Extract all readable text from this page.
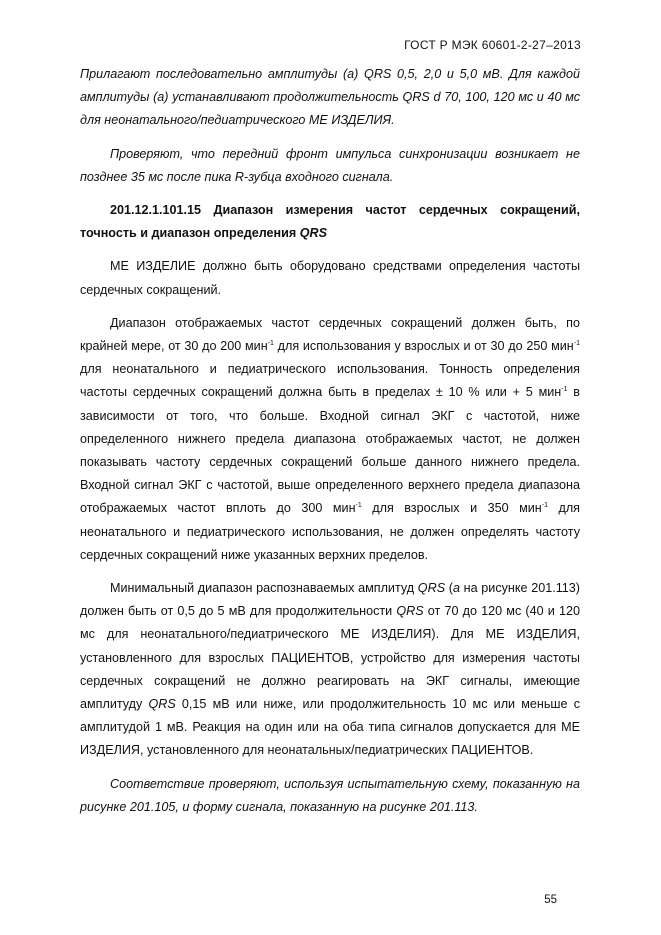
ГОСТ Р МЭК 60601-2-27–2013

Прилагают последовательно амплитуды (а) QRS 0,5, 2,0 и 5,0 мВ. Для каждой амплитуды (а) устанавливают продолжительность QRS d 70, 100, 120 мс и 40 мс для неонатального/педиатрического МЕ ИЗДЕЛИЯ.

Проверяют, что передний фронт импульса синхронизации возникает не позднее 35 мс после пика R-зубца входного сигнала.

201.12.1.101.15 Диапазон измерения частот сердечных сокращений, точность и диапазон определения QRS

МЕ ИЗДЕЛИЕ должно быть оборудовано средствами определения частоты сердечных сокращений.

Диапазон отображаемых частот сердечных сокращений должен быть, по крайней мере, от 30 до 200 мин$^{-1}$ для использования у взрослых и от 30 до 250 мин$^{-1}$ для неонатального и педиатрического использования. Тонность определения частоты сердечных сокращений должна быть в пределах ± 10 % или + 5 мин$^{-1}$ в зависимости от того, что больше. Входной сигнал ЭКГ с частотой, ниже определенного нижнего предела диапазона отображаемых частот, не должен показывать частоту сердечных сокращений больше данного нижнего предела. Входной сигнал ЭКГ с частотой, выше определенного верхнего предела диапазона отображаемых частот вплоть до 300 мин$^{-1}$ для взрослых и 350 мин$^{-1}$ для неонатального и педиатрического использования, не должен определять частоту сердечных сокращений ниже указанных верхних пределов.

Минимальный диапазон распознаваемых амплитуд QRS (а на рисунке 201.113) должен быть от 0,5 до 5 мВ для продолжительности QRS от 70 до 120 мс (40 и 120 мс для неонатального/педиатрического МЕ ИЗДЕЛИЯ). Для МЕ ИЗДЕЛИЯ, установленного для взрослых ПАЦИЕНТОВ, устройство для измерения частоты сердечных сокращений не должно реагировать на ЭКГ сигналы, имеющие амплитуду QRS 0,15 мВ или ниже, или продолжительность 10 мс или меньше с амплитудой 1 мВ. Реакция на один или на оба типа сигналов допускается для МЕ ИЗДЕЛИЯ, установленного для неонатальных/педиатрических ПАЦИЕНТОВ.

Соответствие проверяют, используя испытательную схему, показанную на рисунке 201.105, и форму сигнала, показанную на рисунке 201.113.

55
